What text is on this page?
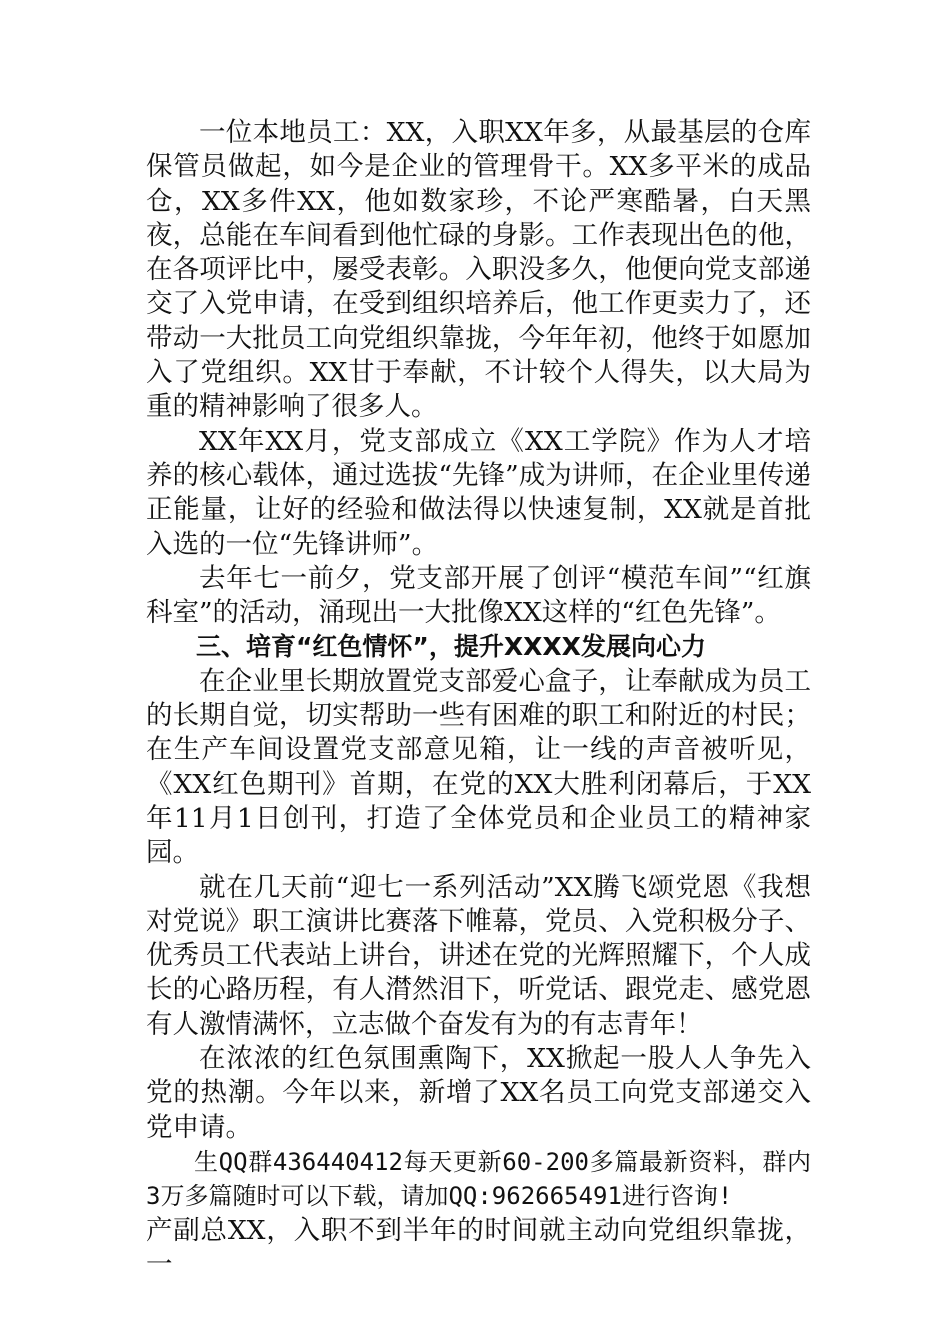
一位本地员工：XX，入职XX年多，从最基层的仓库保管员做起，如今是企业的管理骨干。XX多平米的成品仓，XX多件XX，他如数家珍，不论严寒酷暑，白天黑夜，总能在车间看到他忙碌的身影。工作表现出色的他，在各项评比中，屡受表彰。入职没多久，他便向党支部递交了入党申请，在受到组织培养后，他工作更卖力了，还带动一大批员工向党组织靠拢，今年年初，他终于如愿加入了党组织。XX甘于奉献，不计较个人得失，以大局为重的精神影响了很多人。

XX年XX月，党支部成立《XX工学院》作为人才培养的核心载体，通过选拔“先锋”成为讲师，在企业里传递正能量，让好的经验和做法得以快速复制，XX就是首批入选的一位“先锋讲师”。

去年七一前夕，党支部开展了创评“模范车间”“红旗科室”的活动，涌现出一大批像XX这样的“红色先锋”。

三、培育“红色情怀”，提升XXXX发展向心力

在企业里长期放置党支部爱心盒子，让奉献成为员工的长期自觉，切实帮助一些有困难的职工和附近的村民；在生产车间设置党支部意见箱，让一线的声音被听见，《XX红色期刊》首期，在党的XX大胜利闭幕后，于XX年11月1日创刊，打造了全体党员和企业员工的精神家园。

就在几天前“迎七一系列活动”XX腾飞颂党恩《我想对党说》职工演讲比赛落下帷幕，党员、入党积极分子、优秀员工代表站上讲台，讲述在党的光辉照耀下，个人成长的心路历程，有人潸然泪下，听党话、跟党走、感党恩有人激情满怀，立志做个奋发有为的有志青年！

在浓浓的红色氛围熏陶下，XX掀起一股人人争先入党的热潮。今年以来，新增了XX名员工向党支部递交入党申请。

生QQ群436440412每天更新60-200多篇最新资料，群内3万多篇随时可以下载，请加QQ:962665491进行咨询!

产副总XX，入职不到半年的时间就主动向党组织靠拢，一
